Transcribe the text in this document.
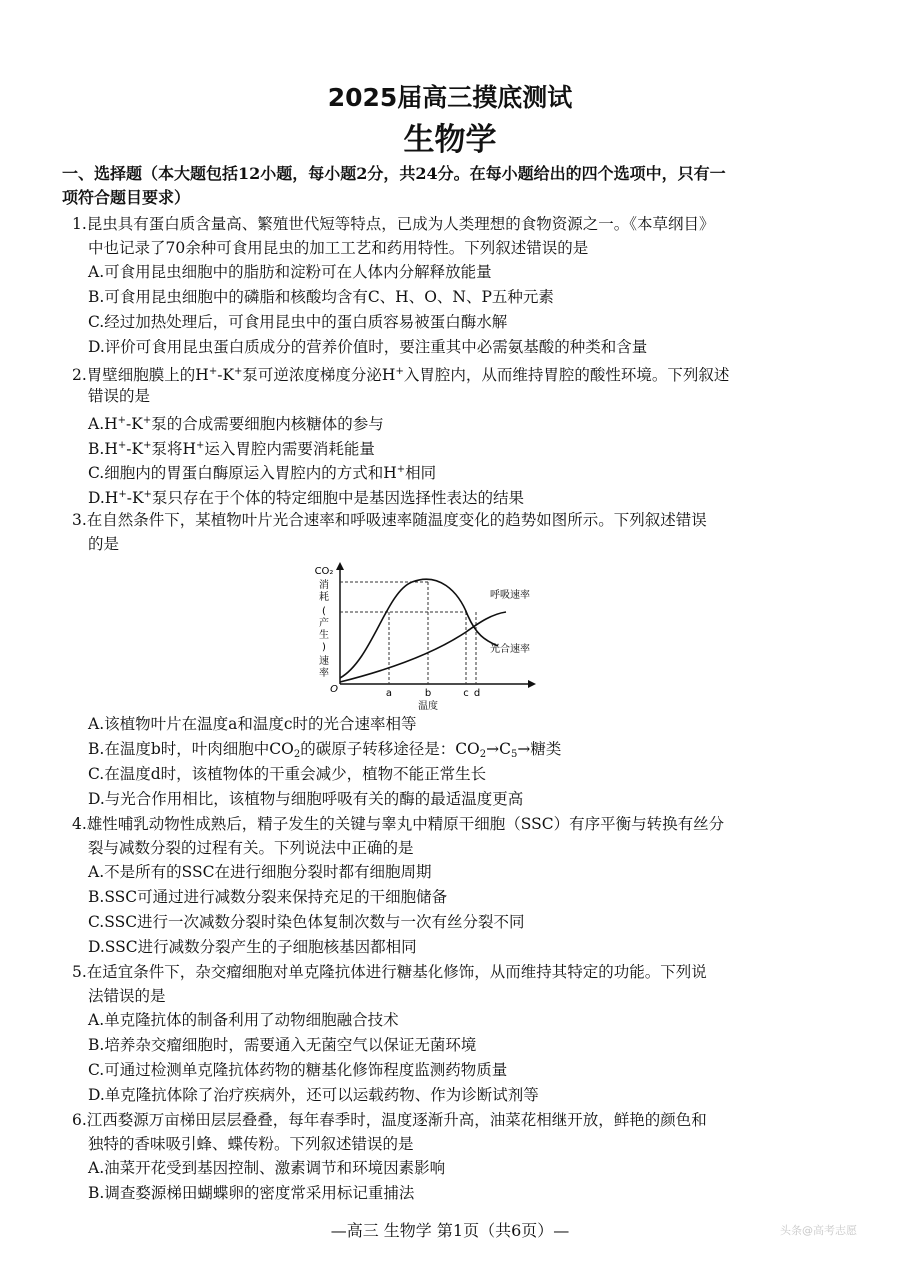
2025届高三摸底测试
生物学
一、选择题（本大题包括12小题，每小题2分，共24分。在每小题给出的四个选项中，只有一
项符合题目要求）
1.昆虫具有蛋白质含量高、繁殖世代短等特点，已成为人类理想的食物资源之一。《本草纲目》
中也记录了70余种可食用昆虫的加工工艺和药用特性。下列叙述错误的是
A.可食用昆虫细胞中的脂肪和淀粉可在人体内分解释放能量
B.可食用昆虫细胞中的磷脂和核酸均含有C、H、O、N、P五种元素
C.经过加热处理后，可食用昆虫中的蛋白质容易被蛋白酶水解
D.评价可食用昆虫蛋白质成分的营养价值时，要注重其中必需氨基酸的种类和含量
2.胃壁细胞膜上的H+-K+泵可逆浓度梯度分泌H+入胃腔内，从而维持胃腔的酸性环境。下列叙述
错误的是
A.H+-K+泵的合成需要细胞内核糖体的参与
B.H+-K+泵将H+运入胃腔内需要消耗能量
C.细胞内的胃蛋白酶原运入胃腔内的方式和H+相同
D.H+-K+泵只存在于个体的特定细胞中是基因选择性表达的结果
3.在自然条件下，某植物叶片光合速率和呼吸速率随温度变化的趋势如图所示。下列叙述错误
的是
CO₂
消
耗
(
产
生
)
速
率
O
呼吸速率
光合速率
a	b	c d
温度
A.该植物叶片在温度a和温度c时的光合速率相等
B.在温度b时，叶肉细胞中$CO_2$的碳原子转移途径是：$CO_2\to C_5\to$糖类
C.在温度d时，该植物体的干重会减少，植物不能正常生长
D.与光合作用相比，该植物与细胞呼吸有关的酶的最适温度更高
4.雄性哺乳动物性成熟后，精子发生的关键与睾丸中精原干细胞（SSC）有序平衡与转换有丝分
裂与减数分裂的过程有关。下列说法中正确的是
A.不是所有的SSC在进行细胞分裂时都有细胞周期
B.SSC可通过进行减数分裂来保持充足的干细胞储备
C.SSC进行一次减数分裂时染色体复制次数与一次有丝分裂不同
D.SSC进行减数分裂产生的子细胞核基因都相同
5.在适宜条件下，杂交瘤细胞对单克隆抗体进行糖基化修饰，从而维持其特定的功能。下列说
法错误的是
A.单克隆抗体的制备利用了动物细胞融合技术
B.培养杂交瘤细胞时，需要通入无菌空气以保证无菌环境
C.可通过检测单克隆抗体药物的糖基化修饰程度监测药物质量
D.单克隆抗体除了治疗疾病外，还可以运载药物、作为诊断试剂等
6.江西婺源万亩梯田层层叠叠，每年春季时，温度逐渐升高，油菜花相继开放，鲜艳的颜色和
独特的香味吸引蜂、蝶传粉。下列叙述错误的是
A.油菜开花受到基因控制、激素调节和环境因素影响
B.调查婺源梯田蝴蝶卵的密度常采用标记重捕法
—高三 生物学 第1页（共6页）—	头条@高考志愿
